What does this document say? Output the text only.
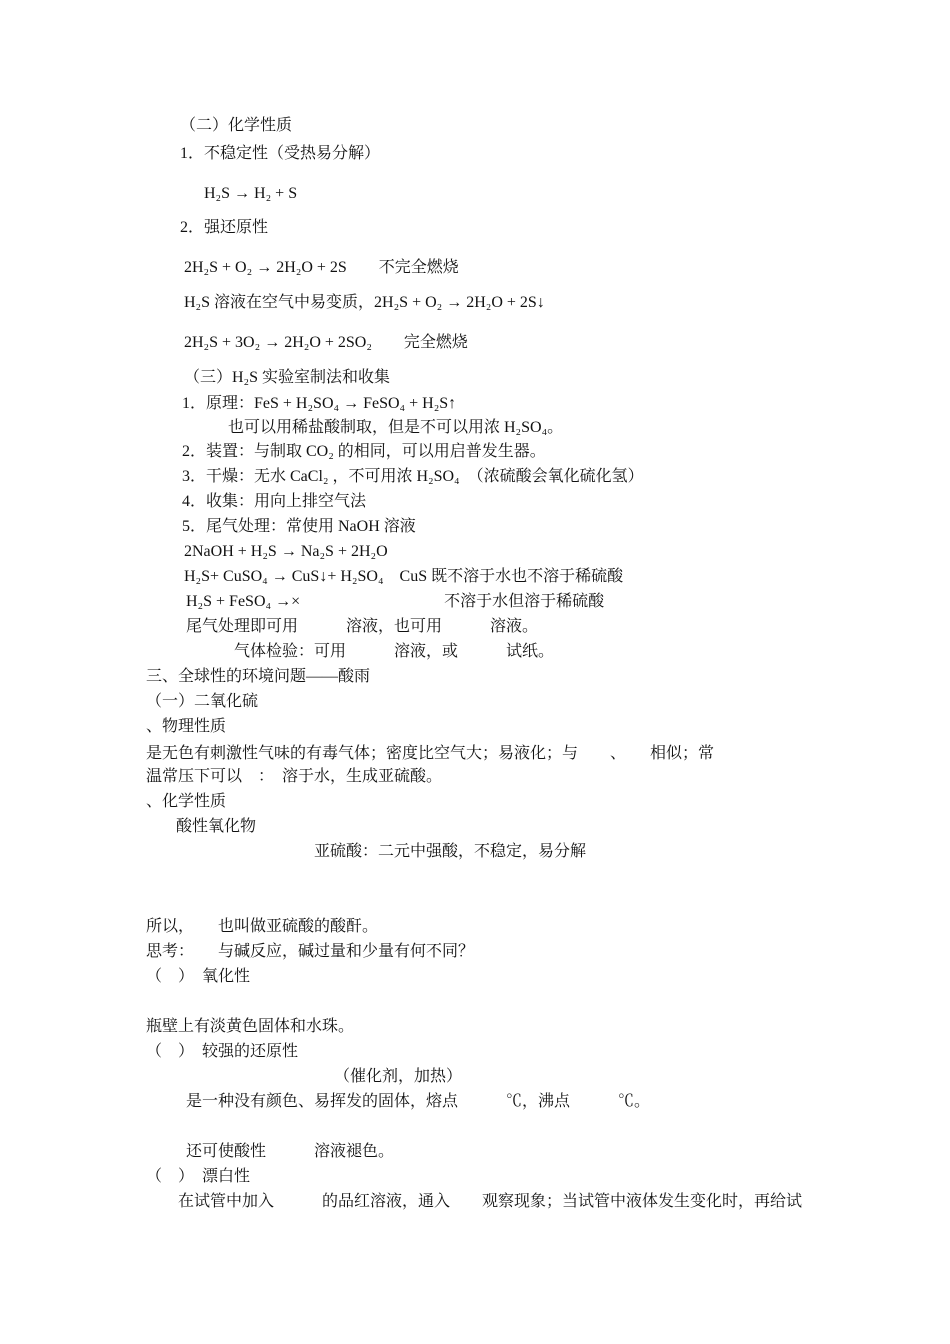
（二）化学性质
1．不稳定性（受热易分解）
H₂S → H₂ + S
2．强还原性
2H₂S + O₂ → 2H₂O + 2S　　不完全燃烧
H₂S 溶液在空气中易变质，2H₂S + O₂ → 2H₂O + 2S↓
2H₂S + 3O₂ → 2H₂O + 2SO₂　　完全燃烧
（三）H₂S 实验室制法和收集
1．原理：FeS + H₂SO₄ → FeSO₄ + H₂S↑
也可以用稀盐酸制取，但是不可以用浓 H₂SO₄。
2．装置：与制取 CO₂ 的相同，可以用启普发生器。
3．干燥：无水 CaCl₂ ，不可用浓 H₂SO₄　（浓硫酸会氧化硫化氢）
4．收集：用向上排空气法
5．尾气处理：常使用 NaOH 溶液
2NaOH + H₂S → Na₂S + 2H₂O
H₂S+ CuSO₄ → CuS↓+ H₂SO₄　CuS 既不溶于水也不溶于稀硫酸
H₂S + FeSO₄ →×　　　　　　　　　不溶于水但溶于稀硫酸
尾气处理即可用　　　溶液，也可用　　　溶液。
气体检验：可用　　　溶液，或　　　试纸。
三、全球性的环境问题——酸雨
（一）二氧化硫
、物理性质
是无色有刺激性气味的有毒气体；密度比空气大；易液化；与　　、　　相似；常
温常压下可以　：　溶于水，生成亚硫酸。
、化学性质
酸性氧化物
亚硫酸：二元中强酸，不稳定，易分解
所以，　　也叫做亚硫酸的酸酐。
思考：　　与碱反应，碱过量和少量有何不同？
（　）　氧化性
瓶壁上有淡黄色固体和水珠。
（　）　较强的还原性
（催化剂，加热）
是一种没有颜色、易挥发的固体，熔点　　　℃，沸点　　　℃。
还可使酸性　　　溶液褪色。
（　）　漂白性
在试管中加入　　　的品红溶液，通入　　观察现象；当试管中液体发生变化时，再给试
